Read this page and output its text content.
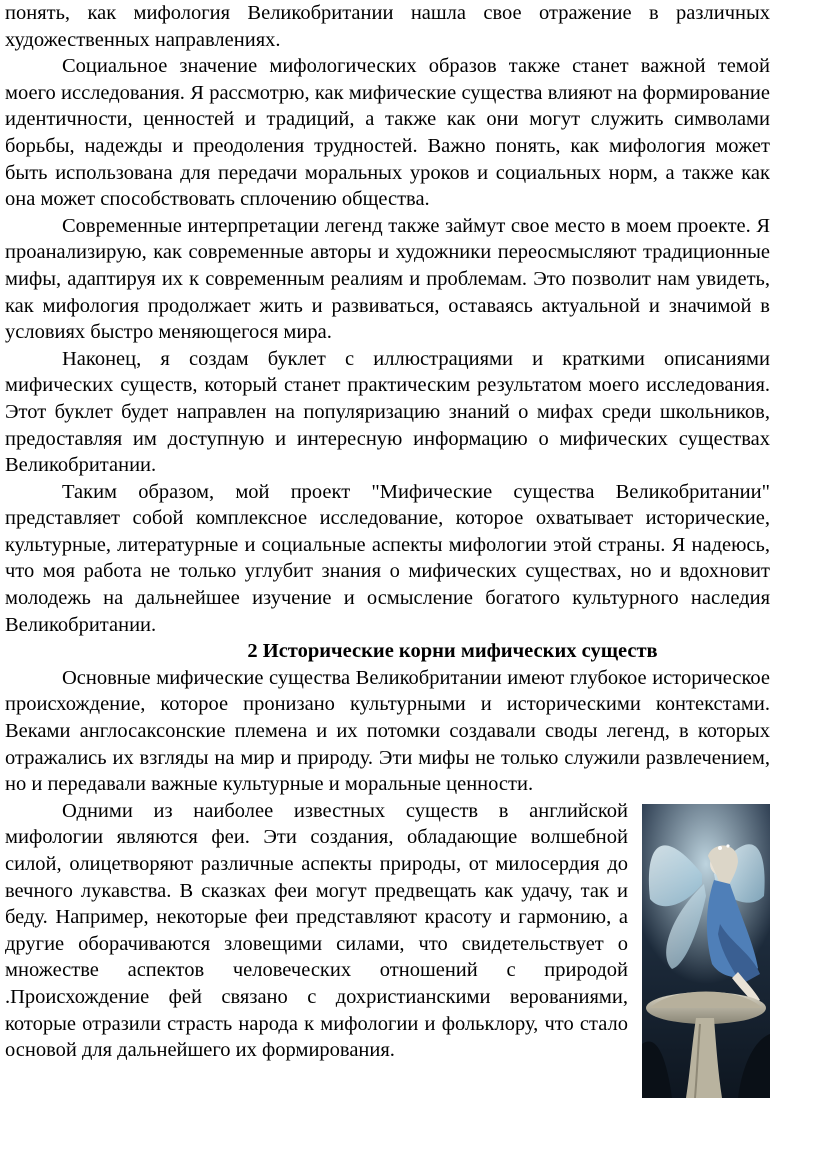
понять, как мифология Великобритании нашла свое отражение в различных художественных направлениях.

Социальное значение мифологических образов также станет важной темой моего исследования. Я рассмотрю, как мифические существа влияют на формирование идентичности, ценностей и традиций, а также как они могут служить символами борьбы, надежды и преодоления трудностей. Важно понять, как мифология может быть использована для передачи моральных уроков и социальных норм, а также как она может способствовать сплочению общества.

Современные интерпретации легенд также займут свое место в моем проекте. Я проанализирую, как современные авторы и художники переосмысляют традиционные мифы, адаптируя их к современным реалиям и проблемам. Это позволит нам увидеть, как мифология продолжает жить и развиваться, оставаясь актуальной и значимой в условиях быстро меняющегося мира.

Наконец, я создам буклет с иллюстрациями и краткими описаниями мифических существ, который станет практическим результатом моего исследования. Этот буклет будет направлен на популяризацию знаний о мифах среди школьников, предоставляя им доступную и интересную информацию о мифических существах Великобритании.

Таким образом, мой проект "Мифические существа Великобритании" представляет собой комплексное исследование, которое охватывает исторические, культурные, литературные и социальные аспекты мифологии этой страны. Я надеюсь, что моя работа не только углубит знания о мифических существах, но и вдохновит молодежь на дальнейшее изучение и осмысление богатого культурного наследия Великобритании.

2 Исторические корни мифических существ

Основные мифические существа Великобритании имеют глубокое историческое происхождение, которое пронизано культурными и историческими контекстами. Веками англосаксонские племена и их потомки создавали своды легенд, в которых отражались их взгляды на мир и природу. Эти мифы не только служили развлечением, но и передавали важные культурные и моральные ценности.

Одними из наиболее известных существ в английской мифологии являются феи. Эти создания, обладающие волшебной силой, олицетворяют различные аспекты природы, от милосердия до вечного лукавства. В сказках феи могут предвещать как удачу, так и беду. Например, некоторые феи представляют красоту и гармонию, а другие оборачиваются зловещими силами, что свидетельствует о множестве аспектов человеческих отношений с природой .Происхождение фей связано с дохристианскими верованиями, которые отразили страсть народа к мифологии и фольклору, что стало основой для дальнейшего их формирования.
